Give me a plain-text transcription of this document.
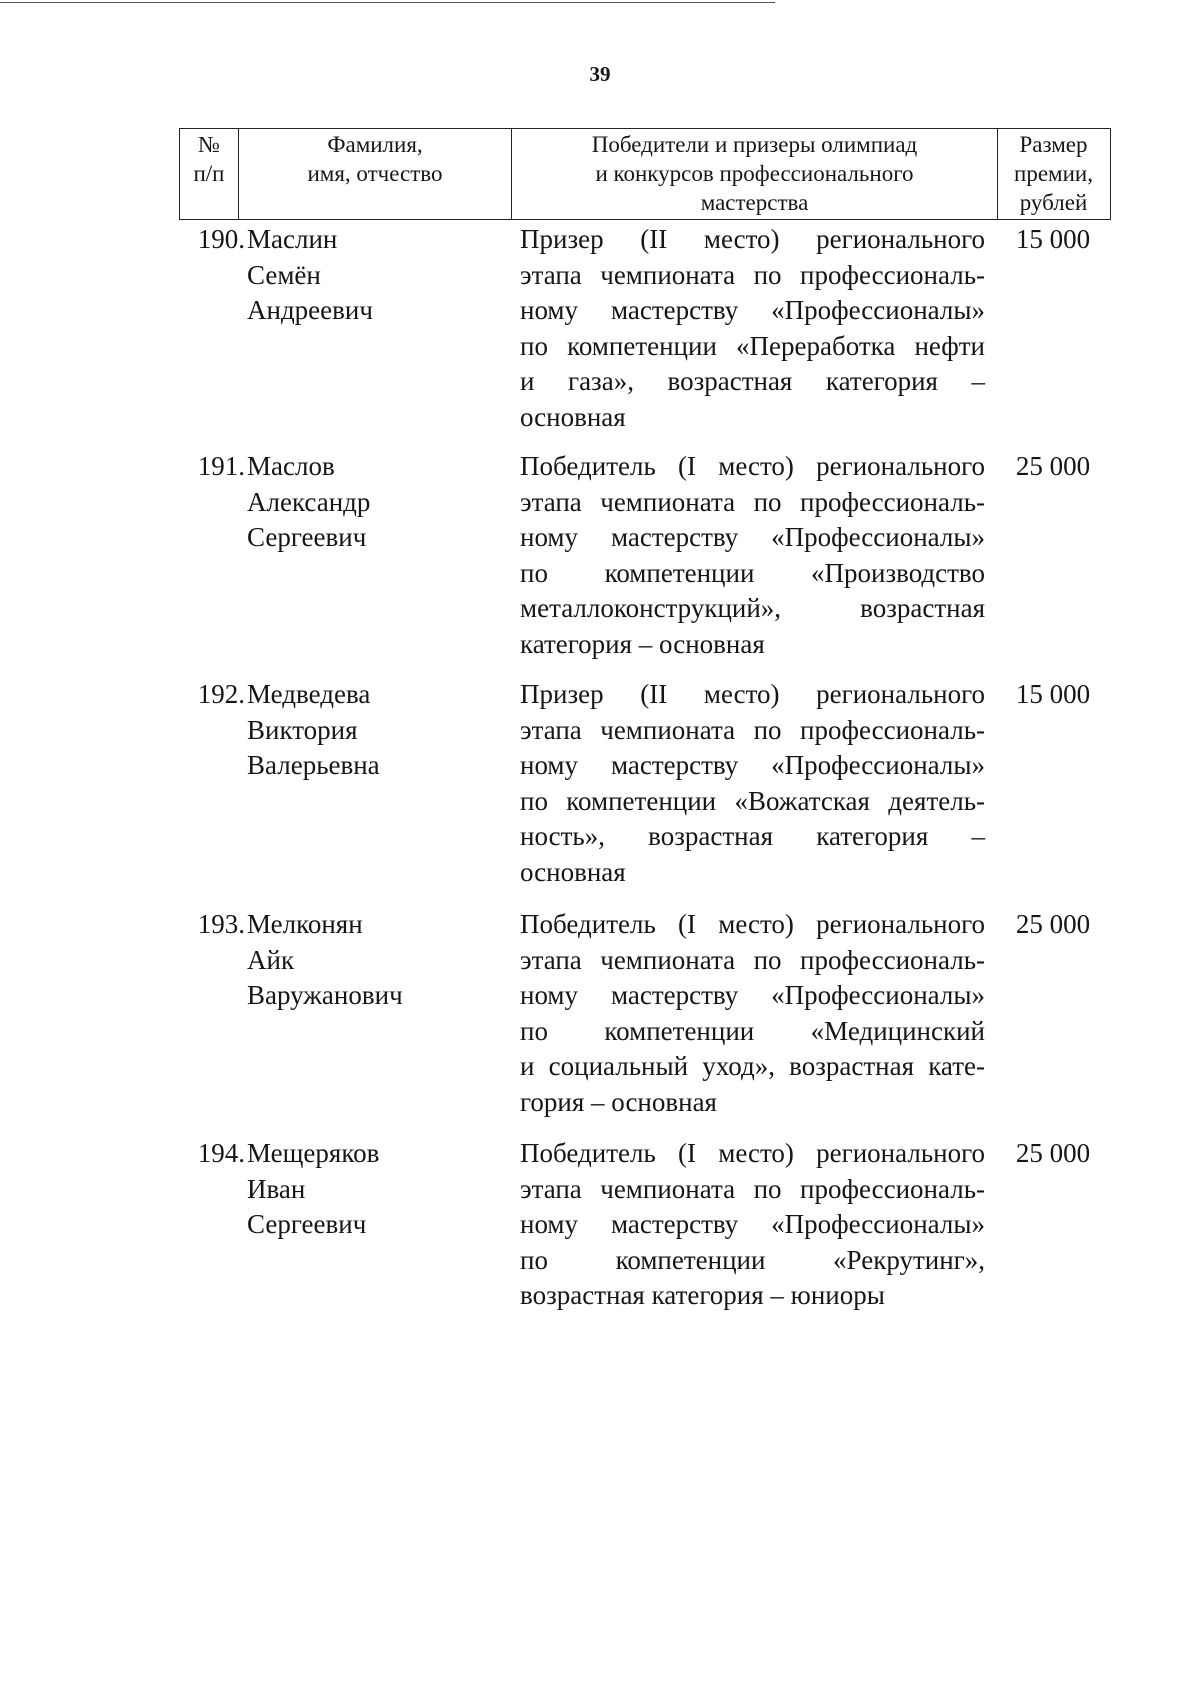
39
№
п/п
Фамилия,
имя, отчество
Победители и призеры олимпиад
и конкурсов профессионального
мастерства
Размер
премии,
рублей
190. Маслин
Семён
Андреевич
Призер (II место) регионального
этапа чемпионата по профессиональ-
ному мастерству «Профессионалы»
по компетенции «Переработка нефти
и газа», возрастная категория –
основная
15 000
191. Маслов
Александр
Сергеевич
Победитель (I место) регионального
этапа чемпионата по профессиональ-
ному мастерству «Профессионалы»
по компетенции «Производство
металлоконструкций», возрастная
категория – основная
25 000
192. Медведева
Виктория
Валерьевна
Призер (II место) регионального
этапа чемпионата по профессиональ-
ному мастерству «Профессионалы»
по компетенции «Вожатская деятель-
ность», возрастная категория –
основная
15 000
193. Мелконян
Айк
Варужанович
Победитель (I место) регионального
этапа чемпионата по профессиональ-
ному мастерству «Профессионалы»
по компетенции «Медицинский
и социальный уход», возрастная кате-
гория – основная
25 000
194. Мещеряков
Иван
Сергеевич
Победитель (I место) регионального
этапа чемпионата по профессиональ-
ному мастерству «Профессионалы»
по компетенции «Рекрутинг»,
возрастная категория – юниоры
25 000
